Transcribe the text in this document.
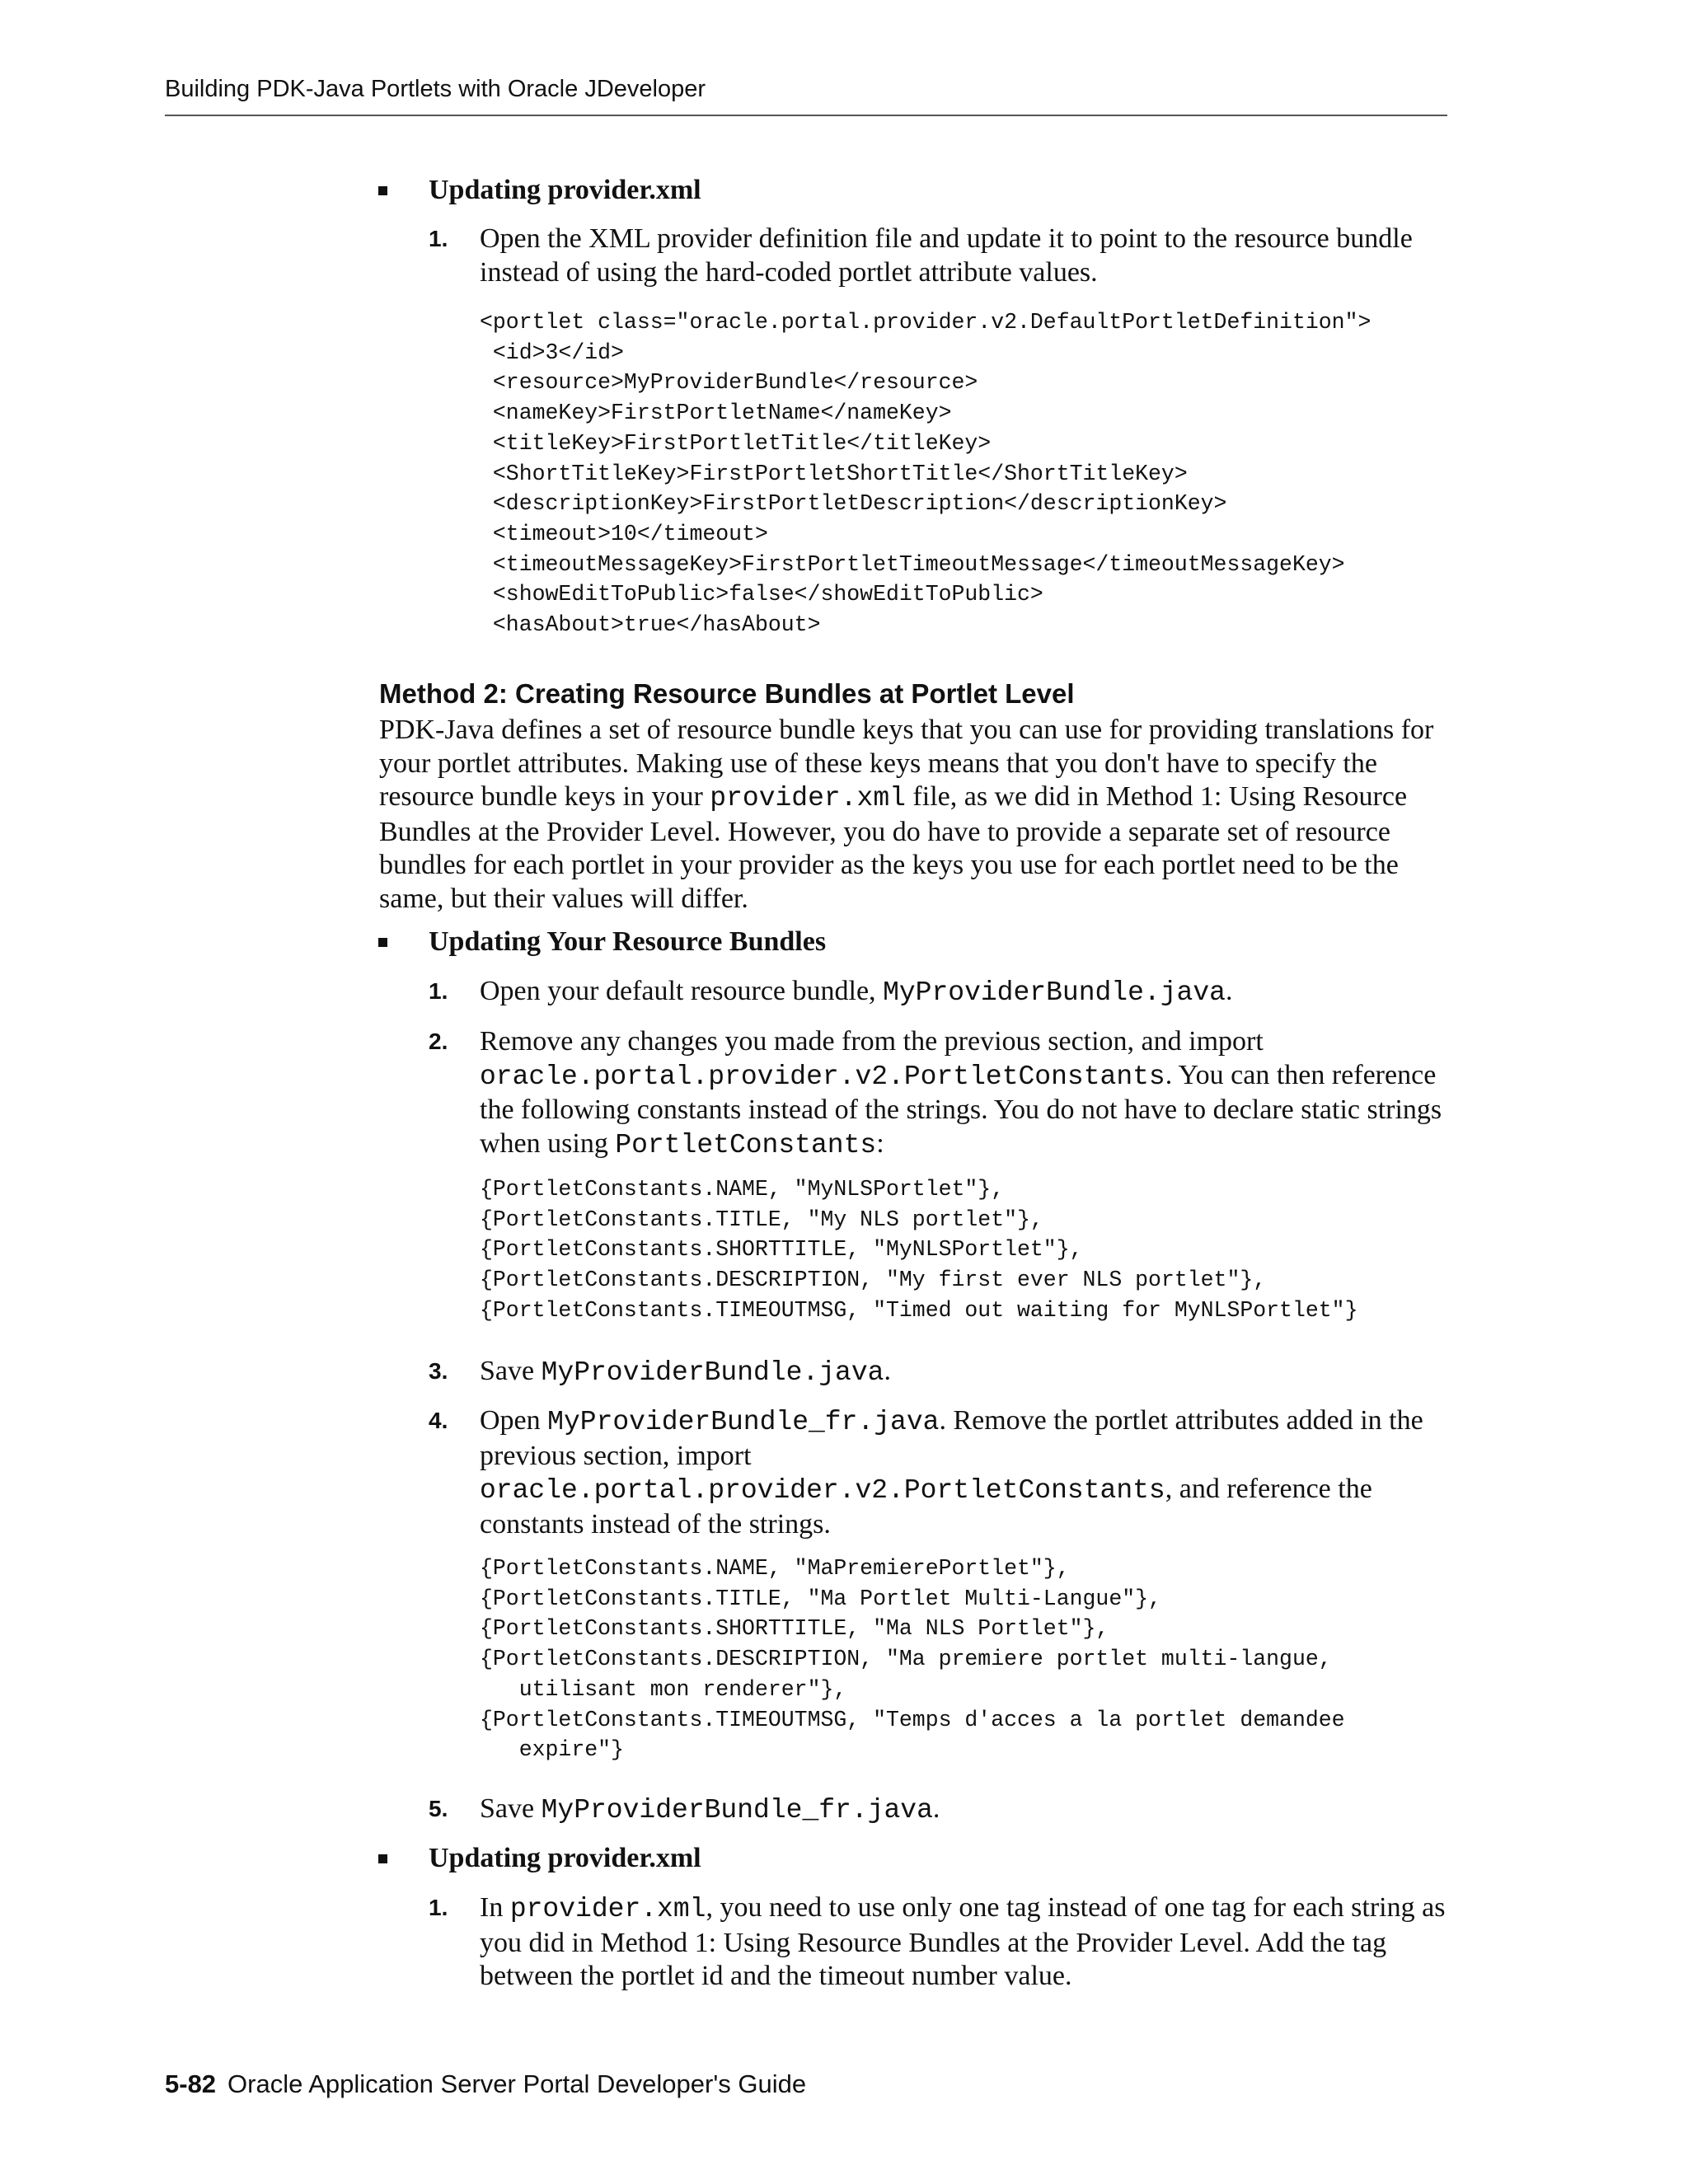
Building PDK-Java Portlets with Oracle JDeveloper
Updating provider.xml
1. Open the XML provider definition file and update it to point to the resource bundle instead of using the hard-coded portlet attribute values.

<portlet class="oracle.portal.provider.v2.DefaultPortletDefinition">
<id>3</id>
<resource>MyProviderBundle</resource>
<nameKey>FirstPortletName</nameKey>
<titleKey>FirstPortletTitle</titleKey>
<ShortTitleKey>FirstPortletShortTitle</ShortTitleKey>
<descriptionKey>FirstPortletDescription</descriptionKey>
<timeout>10</timeout>
<timeoutMessageKey>FirstPortletTimeoutMessage</timeoutMessageKey>
<showEditToPublic>false</showEditToPublic>
<hasAbout>true</hasAbout>
Method 2: Creating Resource Bundles at Portlet Level

PDK-Java defines a set of resource bundle keys that you can use for providing translations for your portlet attributes. Making use of these keys means that you don't have to specify the resource bundle keys in your provider.xml file, as we did in Method 1: Using Resource Bundles at the Provider Level. However, you do have to provide a separate set of resource bundles for each portlet in your provider as the keys you use for each portlet need to be the same, but their values will differ.

Updating Your Resource Bundles
1. Open your default resource bundle, MyProviderBundle.java.

2. Remove any changes you made from the previous section, and import
oracle.portal.provider.v2.PortletConstants. You can then reference the following constants instead of the strings. You do not have to declare static strings when using PortletConstants:

{PortletConstants.NAME, "MyNLSPortlet"},
{PortletConstants.TITLE, "My NLS portlet"},
{PortletConstants.SHORTTITLE, "MyNLSPortlet"},
{PortletConstants.DESCRIPTION, "My first ever NLS portlet"},
{PortletConstants.TIMEOUTMSG, "Timed out waiting for MyNLSPortlet"}
3. Save MyProviderBundle.java.

4. Open MyProviderBundle_fr.java. Remove the portlet attributes added in the previous section, import
oracle.portal.provider.v2.PortletConstants, and reference the constants instead of the strings.

{PortletConstants.NAME, "MaPremierePortlet"},
{PortletConstants.TITLE, "Ma Portlet Multi-Langue"},
{PortletConstants.SHORTTITLE, "Ma NLS Portlet"},
{PortletConstants.DESCRIPTION, "Ma premiere portlet multi-langue,
utilisant mon renderer"},
{PortletConstants.TIMEOUTMSG, "Temps d'acces a la portlet demandee
expire"}
5. Save MyProviderBundle_fr.java.

Updating provider.xml
1. In provider.xml, you need to use only one tag instead of one tag for each string as you did in Method 1: Using Resource Bundles at the Provider Level. Add the tag between the portlet id and the timeout number value.

5-82 Oracle Application Server Portal Developer's Guide
